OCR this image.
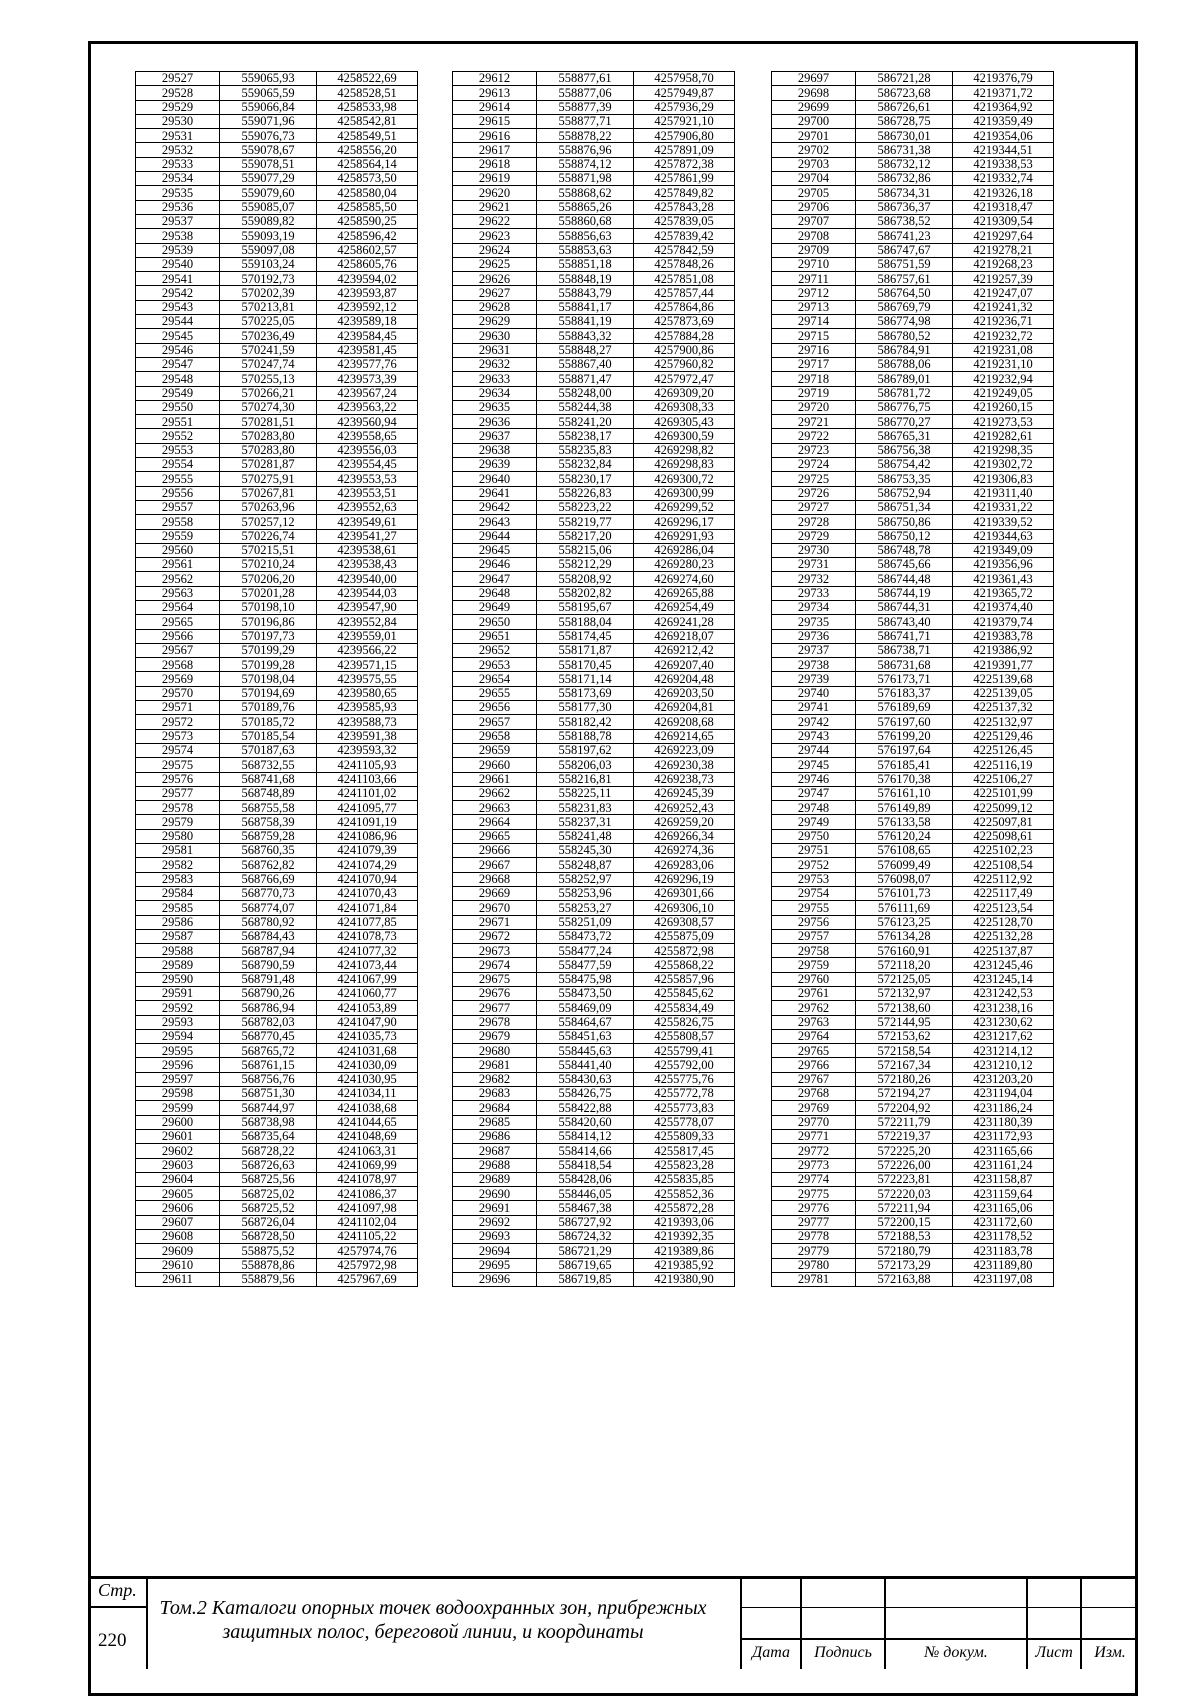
29527	559065,93	4258522,69
29528	559065,59	4258528,51
29529	559066,84	4258533,98
29530	559071,96	4258542,81
29531	559076,73	4258549,51
29532	559078,67	4258556,20
29533	559078,51	4258564,14
29534	559077,29	4258573,50
29535	559079,60	4258580,04
29536	559085,07	4258585,50
29537	559089,82	4258590,25
29538	559093,19	4258596,42
29539	559097,08	4258602,57
29540	559103,24	4258605,76
29541	570192,73	4239594,02
29542	570202,39	4239593,87
29543	570213,81	4239592,12
29544	570225,05	4239589,18
29545	570236,49	4239584,45
29546	570241,59	4239581,45
29547	570247,74	4239577,76
29548	570255,13	4239573,39
29549	570266,21	4239567,24
29550	570274,30	4239563,22
29551	570281,51	4239560,94
29552	570283,80	4239558,65
29553	570283,80	4239556,03
29554	570281,87	4239554,45
29555	570275,91	4239553,53
29556	570267,81	4239553,51
29557	570263,96	4239552,63
29558	570257,12	4239549,61
29559	570226,74	4239541,27
29560	570215,51	4239538,61
29561	570210,24	4239538,43
29562	570206,20	4239540,00
29563	570201,28	4239544,03
29564	570198,10	4239547,90
29565	570196,86	4239552,84
29566	570197,73	4239559,01
29567	570199,29	4239566,22
29568	570199,28	4239571,15
29569	570198,04	4239575,55
29570	570194,69	4239580,65
29571	570189,76	4239585,93
29572	570185,72	4239588,73
29573	570185,54	4239591,38
29574	570187,63	4239593,32
29575	568732,55	4241105,93
29576	568741,68	4241103,66
29577	568748,89	4241101,02
29578	568755,58	4241095,77
29579	568758,39	4241091,19
29580	568759,28	4241086,96
29581	568760,35	4241079,39
29582	568762,82	4241074,29
29583	568766,69	4241070,94
29584	568770,73	4241070,43
29585	568774,07	4241071,84
29586	568780,92	4241077,85
29587	568784,43	4241078,73
29588	568787,94	4241077,32
29589	568790,59	4241073,44
29590	568791,48	4241067,99
29591	568790,26	4241060,77
29592	568786,94	4241053,89
29593	568782,03	4241047,90
29594	568770,45	4241035,73
29595	568765,72	4241031,68
29596	568761,15	4241030,09
29597	568756,76	4241030,95
29598	568751,30	4241034,11
29599	568744,97	4241038,68
29600	568738,98	4241044,65
29601	568735,64	4241048,69
29602	568728,22	4241063,31
29603	568726,63	4241069,99
29604	568725,56	4241078,97
29605	568725,02	4241086,37
29606	568725,52	4241097,98
29607	568726,04	4241102,04
29608	568728,50	4241105,22
29609	558875,52	4257974,76
29610	558878,86	4257972,98
29611	558879,56	4257967,69
29612	558877,61	4257958,70
29613	558877,06	4257949,87
29614	558877,39	4257936,29
29615	558877,71	4257921,10
29616	558878,22	4257906,80
29617	558876,96	4257891,09
29618	558874,12	4257872,38
29619	558871,98	4257861,99
29620	558868,62	4257849,82
29621	558865,26	4257843,28
29622	558860,68	4257839,05
29623	558856,63	4257839,42
29624	558853,63	4257842,59
29625	558851,18	4257848,26
29626	558848,19	4257851,08
29627	558843,79	4257857,44
29628	558841,17	4257864,86
29629	558841,19	4257873,69
29630	558843,32	4257884,28
29631	558848,27	4257900,86
29632	558867,40	4257960,82
29633	558871,47	4257972,47
29634	558248,00	4269309,20
29635	558244,38	4269308,33
29636	558241,20	4269305,43
29637	558238,17	4269300,59
29638	558235,83	4269298,82
29639	558232,84	4269298,83
29640	558230,17	4269300,72
29641	558226,83	4269300,99
29642	558223,22	4269299,52
29643	558219,77	4269296,17
29644	558217,20	4269291,93
29645	558215,06	4269286,04
29646	558212,29	4269280,23
29647	558208,92	4269274,60
29648	558202,82	4269265,88
29649	558195,67	4269254,49
29650	558188,04	4269241,28
29651	558174,45	4269218,07
29652	558171,87	4269212,42
29653	558170,45	4269207,40
29654	558171,14	4269204,48
29655	558173,69	4269203,50
29656	558177,30	4269204,81
29657	558182,42	4269208,68
29658	558188,78	4269214,65
29659	558197,62	4269223,09
29660	558206,03	4269230,38
29661	558216,81	4269238,73
29662	558225,11	4269245,39
29663	558231,83	4269252,43
29664	558237,31	4269259,20
29665	558241,48	4269266,34
29666	558245,30	4269274,36
29667	558248,87	4269283,06
29668	558252,97	4269296,19
29669	558253,96	4269301,66
29670	558253,27	4269306,10
29671	558251,09	4269308,57
29672	558473,72	4255875,09
29673	558477,24	4255872,98
29674	558477,59	4255868,22
29675	558475,98	4255857,96
29676	558473,50	4255845,62
29677	558469,09	4255834,49
29678	558464,67	4255826,75
29679	558451,63	4255808,57
29680	558445,63	4255799,41
29681	558441,40	4255792,00
29682	558430,63	4255775,76
29683	558426,75	4255772,78
29684	558422,88	4255773,83
29685	558420,60	4255778,07
29686	558414,12	4255809,33
29687	558414,66	4255817,45
29688	558418,54	4255823,28
29689	558428,06	4255835,85
29690	558446,05	4255852,36
29691	558467,38	4255872,28
29692	586727,92	4219393,06
29693	586724,32	4219392,35
29694	586721,29	4219389,86
29695	586719,65	4219385,92
29696	586719,85	4219380,90
29697	586721,28	4219376,79
29698	586723,68	4219371,72
29699	586726,61	4219364,92
29700	586728,75	4219359,49
29701	586730,01	4219354,06
29702	586731,38	4219344,51
29703	586732,12	4219338,53
29704	586732,86	4219332,74
29705	586734,31	4219326,18
29706	586736,37	4219318,47
29707	586738,52	4219309,54
29708	586741,23	4219297,64
29709	586747,67	4219278,21
29710	586751,59	4219268,23
29711	586757,61	4219257,39
29712	586764,50	4219247,07
29713	586769,79	4219241,32
29714	586774,98	4219236,71
29715	586780,52	4219232,72
29716	586784,91	4219231,08
29717	586788,06	4219231,10
29718	586789,01	4219232,94
29719	586781,72	4219249,05
29720	586776,75	4219260,15
29721	586770,27	4219273,53
29722	586765,31	4219282,61
29723	586756,38	4219298,35
29724	586754,42	4219302,72
29725	586753,35	4219306,83
29726	586752,94	4219311,40
29727	586751,34	4219331,22
29728	586750,86	4219339,52
29729	586750,12	4219344,63
29730	586748,78	4219349,09
29731	586745,66	4219356,96
29732	586744,48	4219361,43
29733	586744,19	4219365,72
29734	586744,31	4219374,40
29735	586743,40	4219379,74
29736	586741,71	4219383,78
29737	586738,71	4219386,92
29738	586731,68	4219391,77
29739	576173,71	4225139,68
29740	576183,37	4225139,05
29741	576189,69	4225137,32
29742	576197,60	4225132,97
29743	576199,20	4225129,46
29744	576197,64	4225126,45
29745	576185,41	4225116,19
29746	576170,38	4225106,27
29747	576161,10	4225101,99
29748	576149,89	4225099,12
29749	576133,58	4225097,81
29750	576120,24	4225098,61
29751	576108,65	4225102,23
29752	576099,49	4225108,54
29753	576098,07	4225112,92
29754	576101,73	4225117,49
29755	576111,69	4225123,54
29756	576123,25	4225128,70
29757	576134,28	4225132,28
29758	576160,91	4225137,87
29759	572118,20	4231245,46
29760	572125,05	4231245,14
29761	572132,97	4231242,53
29762	572138,60	4231238,16
29763	572144,95	4231230,62
29764	572153,62	4231217,62
29765	572158,54	4231214,12
29766	572167,34	4231210,12
29767	572180,26	4231203,20
29768	572194,27	4231194,04
29769	572204,92	4231186,24
29770	572211,79	4231180,39
29771	572219,37	4231172,93
29772	572225,20	4231165,66
29773	572226,00	4231161,24
29774	572223,81	4231158,87
29775	572220,03	4231159,64
29776	572211,94	4231165,06
29777	572200,15	4231172,60
29778	572188,53	4231178,52
29779	572180,79	4231183,78
29780	572173,29	4231189,80
29781	572163,88	4231197,08
Стр.
220
Том.2 Каталоги опорных точек водоохранных зон, прибрежных защитных полос, береговой линии, и координаты
Дата	Подпись	№ докум.	Лист	Изм.
